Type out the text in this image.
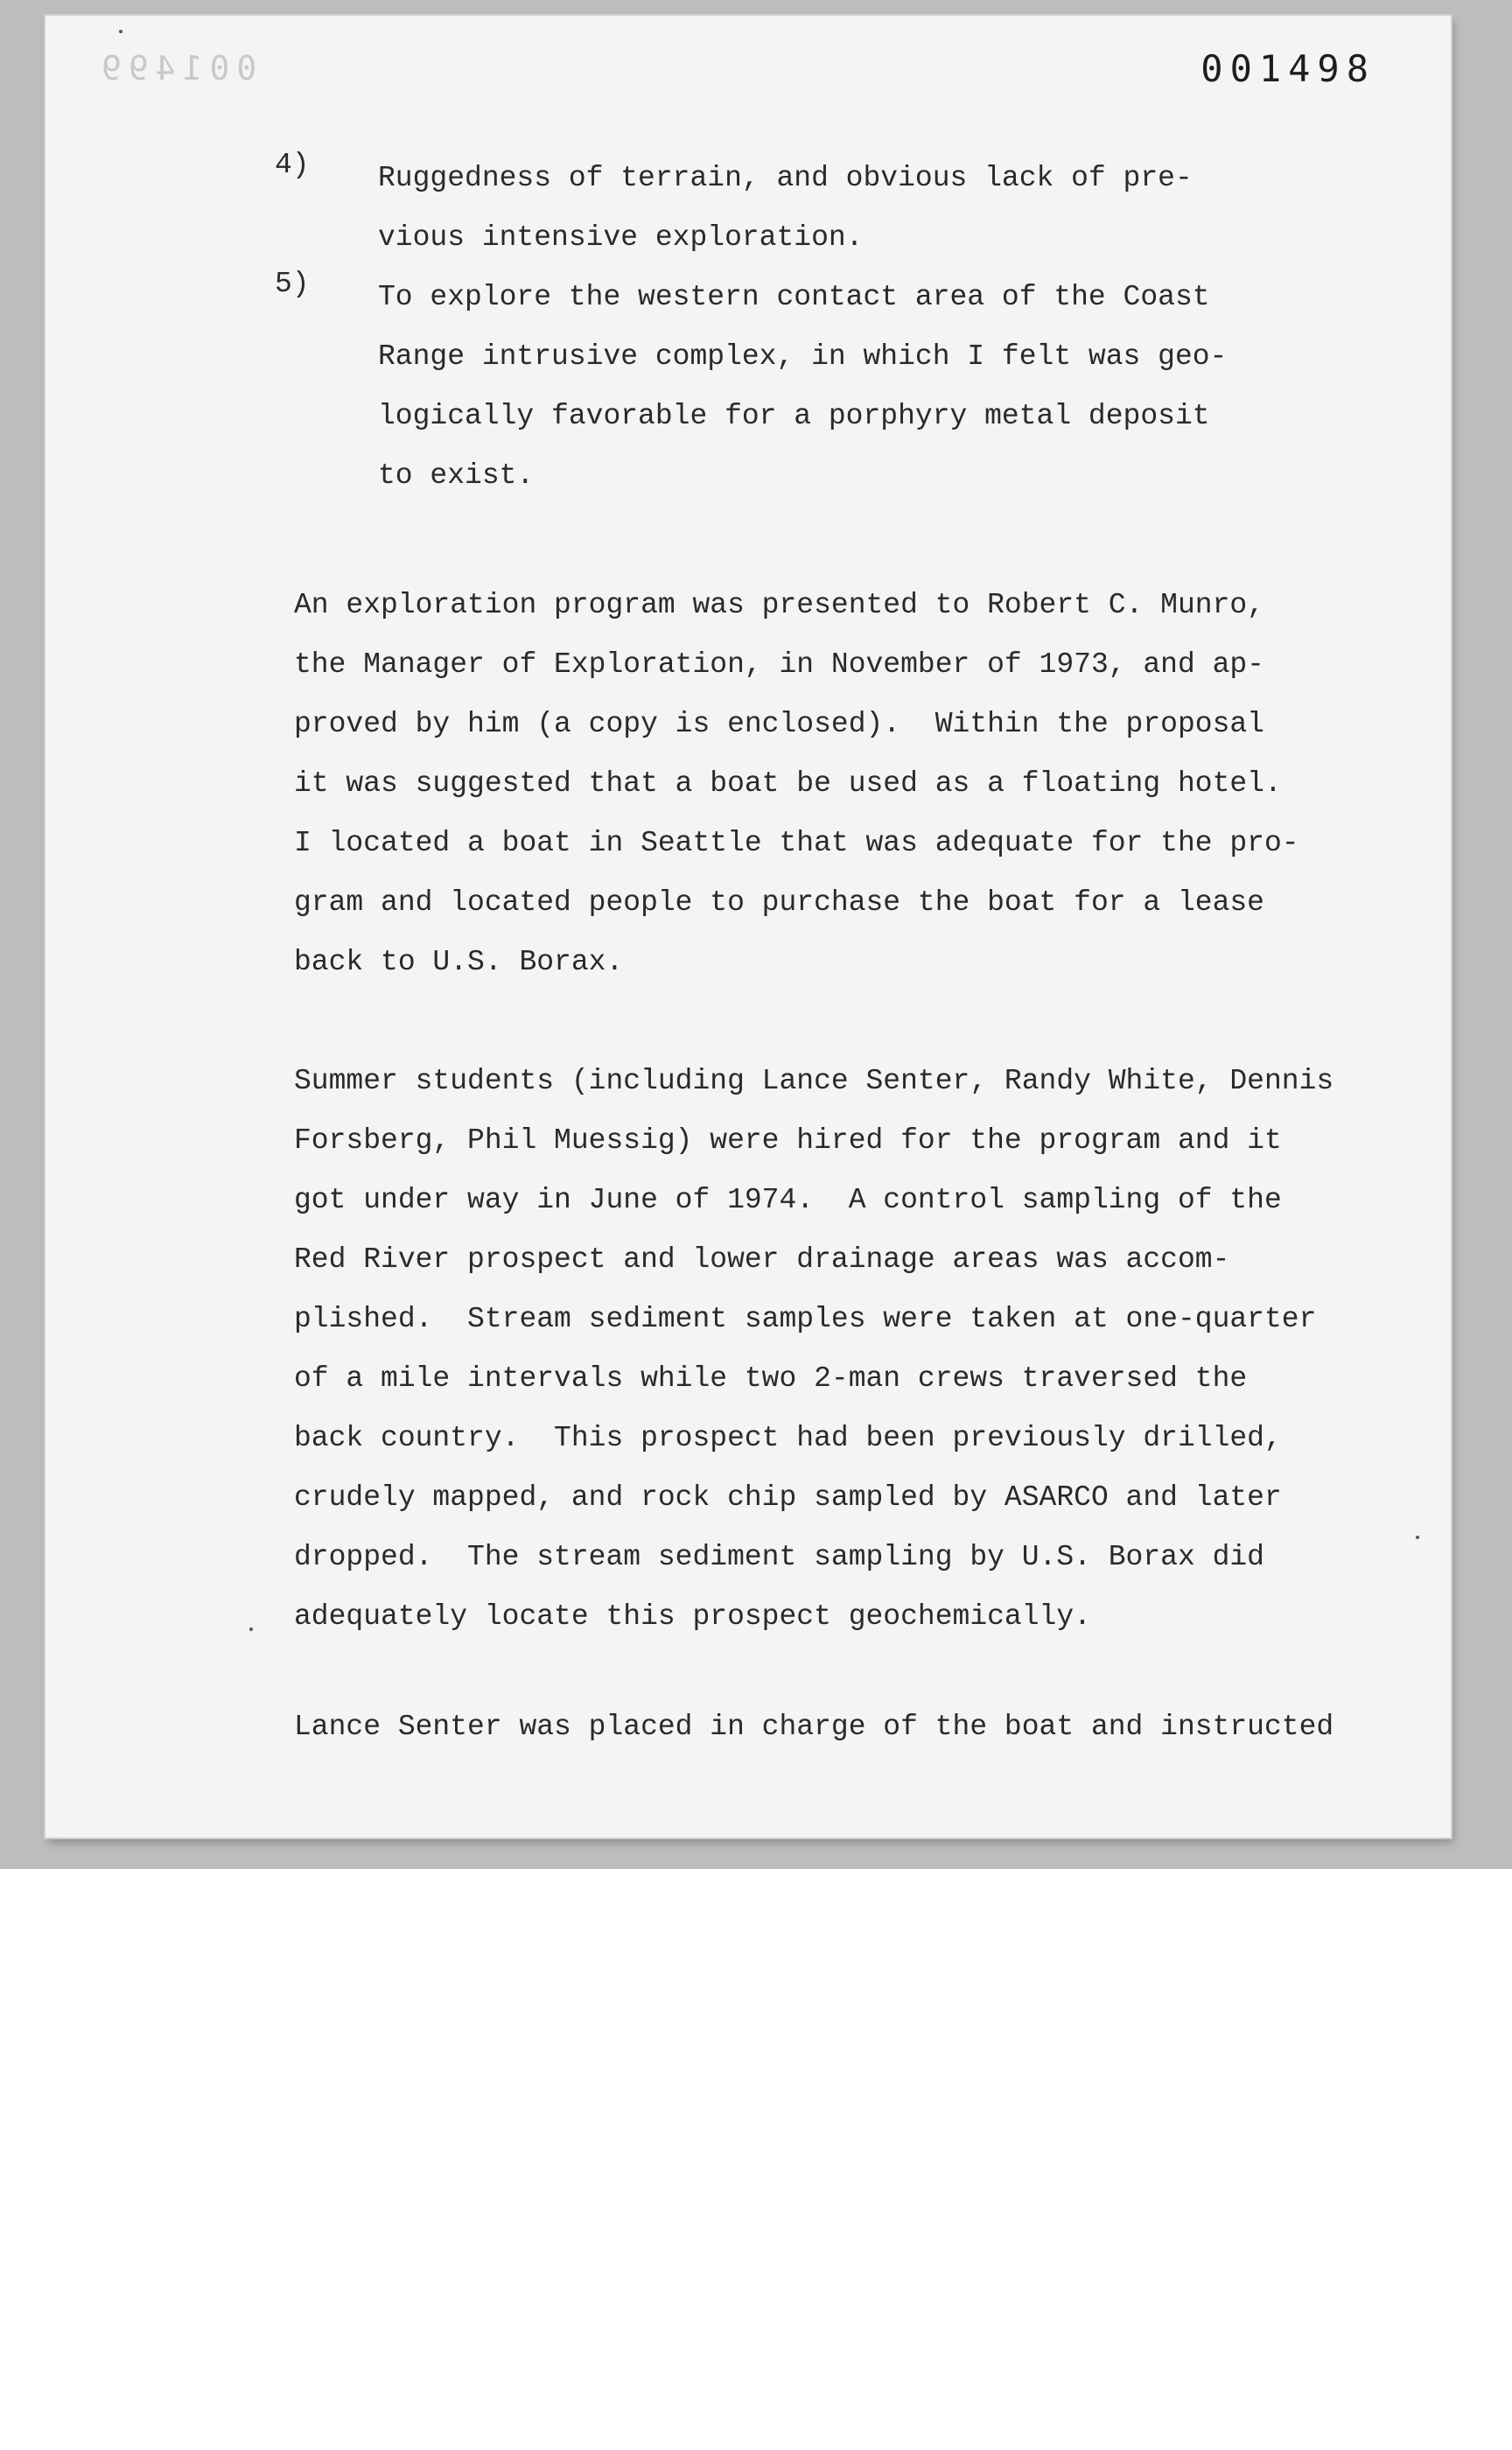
001499	001498
4) Ruggedness of terrain, and obvious lack of pre-
vious intensive exploration.
5) To explore the western contact area of the Coast
Range intrusive complex, in which I felt was geo-
logically favorable for a porphyry metal deposit
to exist.
An exploration program was presented to Robert C. Munro,
the Manager of Exploration, in November of 1973, and ap-
proved by him (a copy is enclosed).  Within the proposal
it was suggested that a boat be used as a floating hotel.
I located a boat in Seattle that was adequate for the pro-
gram and located people to purchase the boat for a lease
back to U.S. Borax.
Summer students (including Lance Senter, Randy White, Dennis
Forsberg, Phil Muessig) were hired for the program and it
got under way in June of 1974.  A control sampling of the
Red River prospect and lower drainage areas was accom-
plished.  Stream sediment samples were taken at one-quarter
of a mile intervals while two 2-man crews traversed the
back country.  This prospect had been previously drilled,
crudely mapped, and rock chip sampled by ASARCO and later
dropped.  The stream sediment sampling by U.S. Borax did
adequately locate this prospect geochemically.
Lance Senter was placed in charge of the boat and instructed
